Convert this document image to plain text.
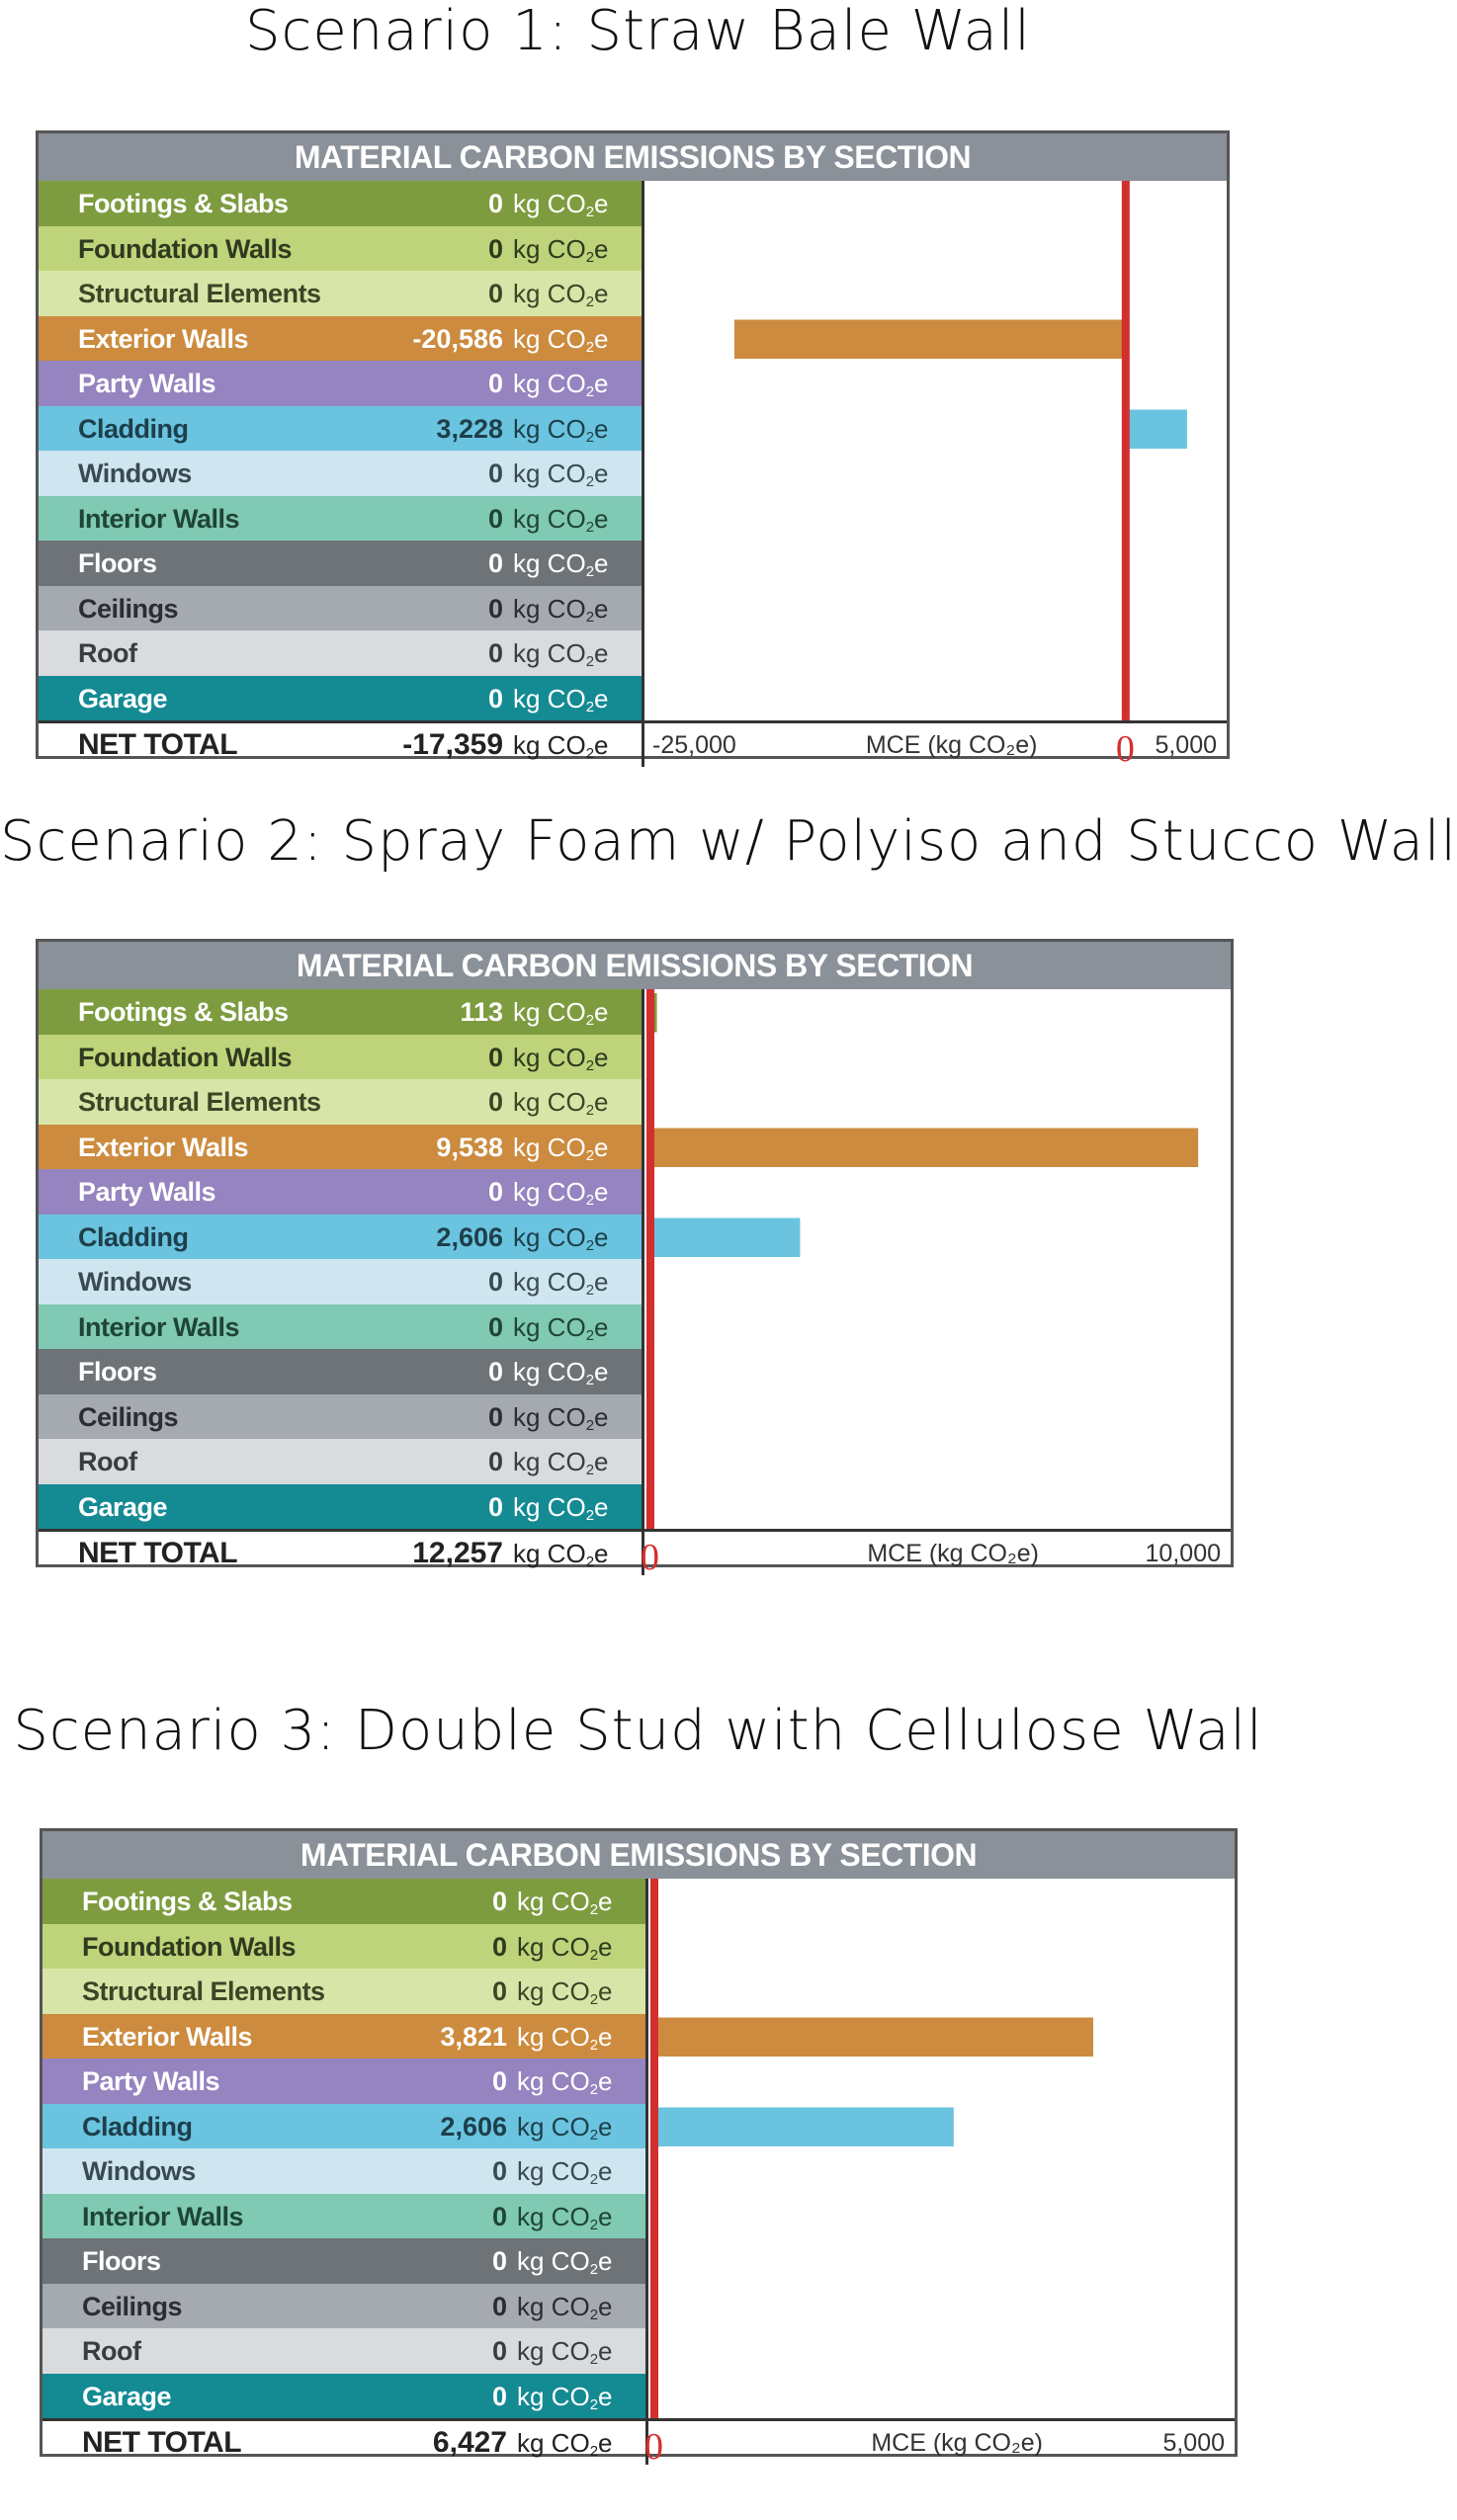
Scenario 1: Straw Bale Wall
MATERIAL CARBON EMISSIONS BY SECTION
Footings & Slabs	0 kg $CO_2e$
Foundation Walls	0 kg $CO_2e$
Structural Elements	0 kg $CO_2e$
Exterior Walls	-20,586 kg $CO_2e$
Party Walls	0 kg $CO_2e$
Cladding	3,228 kg $CO_2e$
Windows	0 kg $CO_2e$
Interior Walls	0 kg $CO_2e$
Floors	0 kg $CO_2e$
Ceilings	0 kg $CO_2e$
Roof	0 kg $CO_2e$
Garage	0 kg $CO_2e$
NET TOTAL	-17,359 kg $CO_2e$ -25,000	MCE (kg CO₂e)	5,000
0
Scenario 2: Spray Foam w/ Polyiso and Stucco Wall
MATERIAL CARBON EMISSIONS BY SECTION
Footings & Slabs	113 kg $CO_2e$
Foundation Walls	0 kg $CO_2e$
Structural Elements	0 kg $CO_2e$
Exterior Walls	9,538 kg $CO_2e$
Party Walls	0 kg $CO_2e$
Cladding	2,606 kg $CO_2e$
Windows	0 kg $CO_2e$
Interior Walls	0 kg $CO_2e$
Floors	0 kg $CO_2e$
Ceilings	0 kg $CO_2e$
Roof	0 kg $CO_2e$
Garage	0 kg $CO_2e$
NET TOTAL	12,257 kg $CO_2e$	MCE (kg CO₂e)	10,000
0
Scenario 3: Double Stud with Cellulose Wall
MATERIAL CARBON EMISSIONS BY SECTION
Footings & Slabs	0 kg $CO_2e$
Foundation Walls	0 kg $CO_2e$
Structural Elements	0 kg $CO_2e$
Exterior Walls	3,821 kg $CO_2e$
Party Walls	0 kg $CO_2e$
Cladding	2,606 kg $CO_2e$
Windows	0 kg $CO_2e$
Interior Walls	0 kg $CO_2e$
Floors	0 kg $CO_2e$
Ceilings	0 kg $CO_2e$
Roof	0 kg $CO_2e$
Garage	0 kg $CO_2e$
NET TOTAL	6,427 kg $CO_2e$	MCE (kg CO₂e)	5,000
0
